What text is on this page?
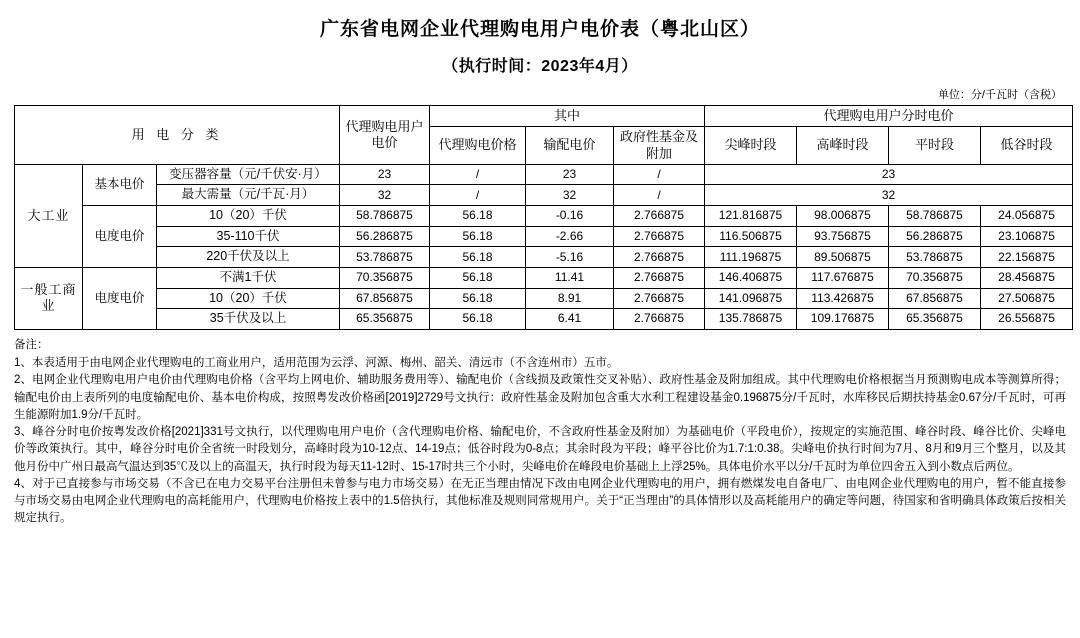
广东省电网企业代理购电用户电价表（粤北山区）
（执行时间：2023年4月）
单位：分/千瓦时（含税）
用 电 分 类			代理购电用户电价	其中			代理购电用户分时电价			
				代理购电价格	输配电价	政府性基金及附加	尖峰时段	高峰时段	平时段	低谷时段
大工业	基本电价	变压器容量（元/千伏安·月）	23	/	23	/	23			
		最大需量（元/千瓦·月）	32	/	32	/	32			
	电度电价	10（20）千伏	58.786875	56.18	-0.16	2.766875	121.816875	98.006875	58.786875	24.056875
		35-110千伏	56.286875	56.18	-2.66	2.766875	116.506875	93.756875	56.286875	23.106875
		220千伏及以上	53.786875	56.18	-5.16	2.766875	111.196875	89.506875	53.786875	22.156875
一般工商业	电度电价	不满1千伏	70.356875	56.18	11.41	2.766875	146.406875	117.676875	70.356875	28.456875
		10（20）千伏	67.856875	56.18	8.91	2.766875	141.096875	113.426875	67.856875	27.506875
		35千伏及以上	65.356875	56.18	6.41	2.766875	135.786875	109.176875	65.356875	26.556875

备注：

1、本表适用于由电网企业代理购电的工商业用户，适用范围为云浮、河源、梅州、韶关、清远市（不含连州市）五市。

2、电网企业代理购电用户电价由代理购电价格（含平均上网电价、辅助服务费用等）、输配电价（含线损及政策性交叉补贴）、政府性基金及附加组成。其中代理购电价格根据当月预测购电成本等测算所得；输配电价由上表所列的电度输配电价、基本电价构成，按照粤发改价格函[2019]2729号文执行：政府性基金及附加包含重大水利工程建设基金0.196875分/千瓦时，水库移民后期扶持基金0.67分/千瓦时，可再生能源附加1.9分/千瓦时。

3、峰谷分时电价按粤发改价格[2021]331号文执行，以代理购电用户电价（含代理购电价格、输配电价，不含政府性基金及附加）为基础电价（平段电价），按规定的实施范围、峰谷时段、峰谷比价、尖峰电价等政策执行。其中，峰谷分时电价全省统一时段划分，高峰时段为10-12点、14-19点；低谷时段为0-8点；其余时段为平段；峰平谷比价为1.7:1:0.38。尖峰电价执行时间为7月、8月和9月三个整月，以及其他月份中广州日最高气温达到35℃及以上的高温天，执行时段为每天11-12时、15-17时共三个小时，尖峰电价在峰段电价基础上上浮25%。具体电价水平以分/千瓦时为单位四舍五入到小数点后两位。

4、对于已直接参与市场交易（不含已在电力交易平台注册但未曾参与电力市场交易）在无正当理由情况下改由电网企业代理购电的用户，拥有燃煤发电自备电厂、由电网企业代理购电的用户，暂不能直接参与市场交易由电网企业代理购电的高耗能用户，代理购电价格按上表中的1.5倍执行，其他标准及规则同常规用户。关于“正当理由”的具体情形以及高耗能用户的确定等问题，待国家和省明确具体政策后按相关规定执行。
